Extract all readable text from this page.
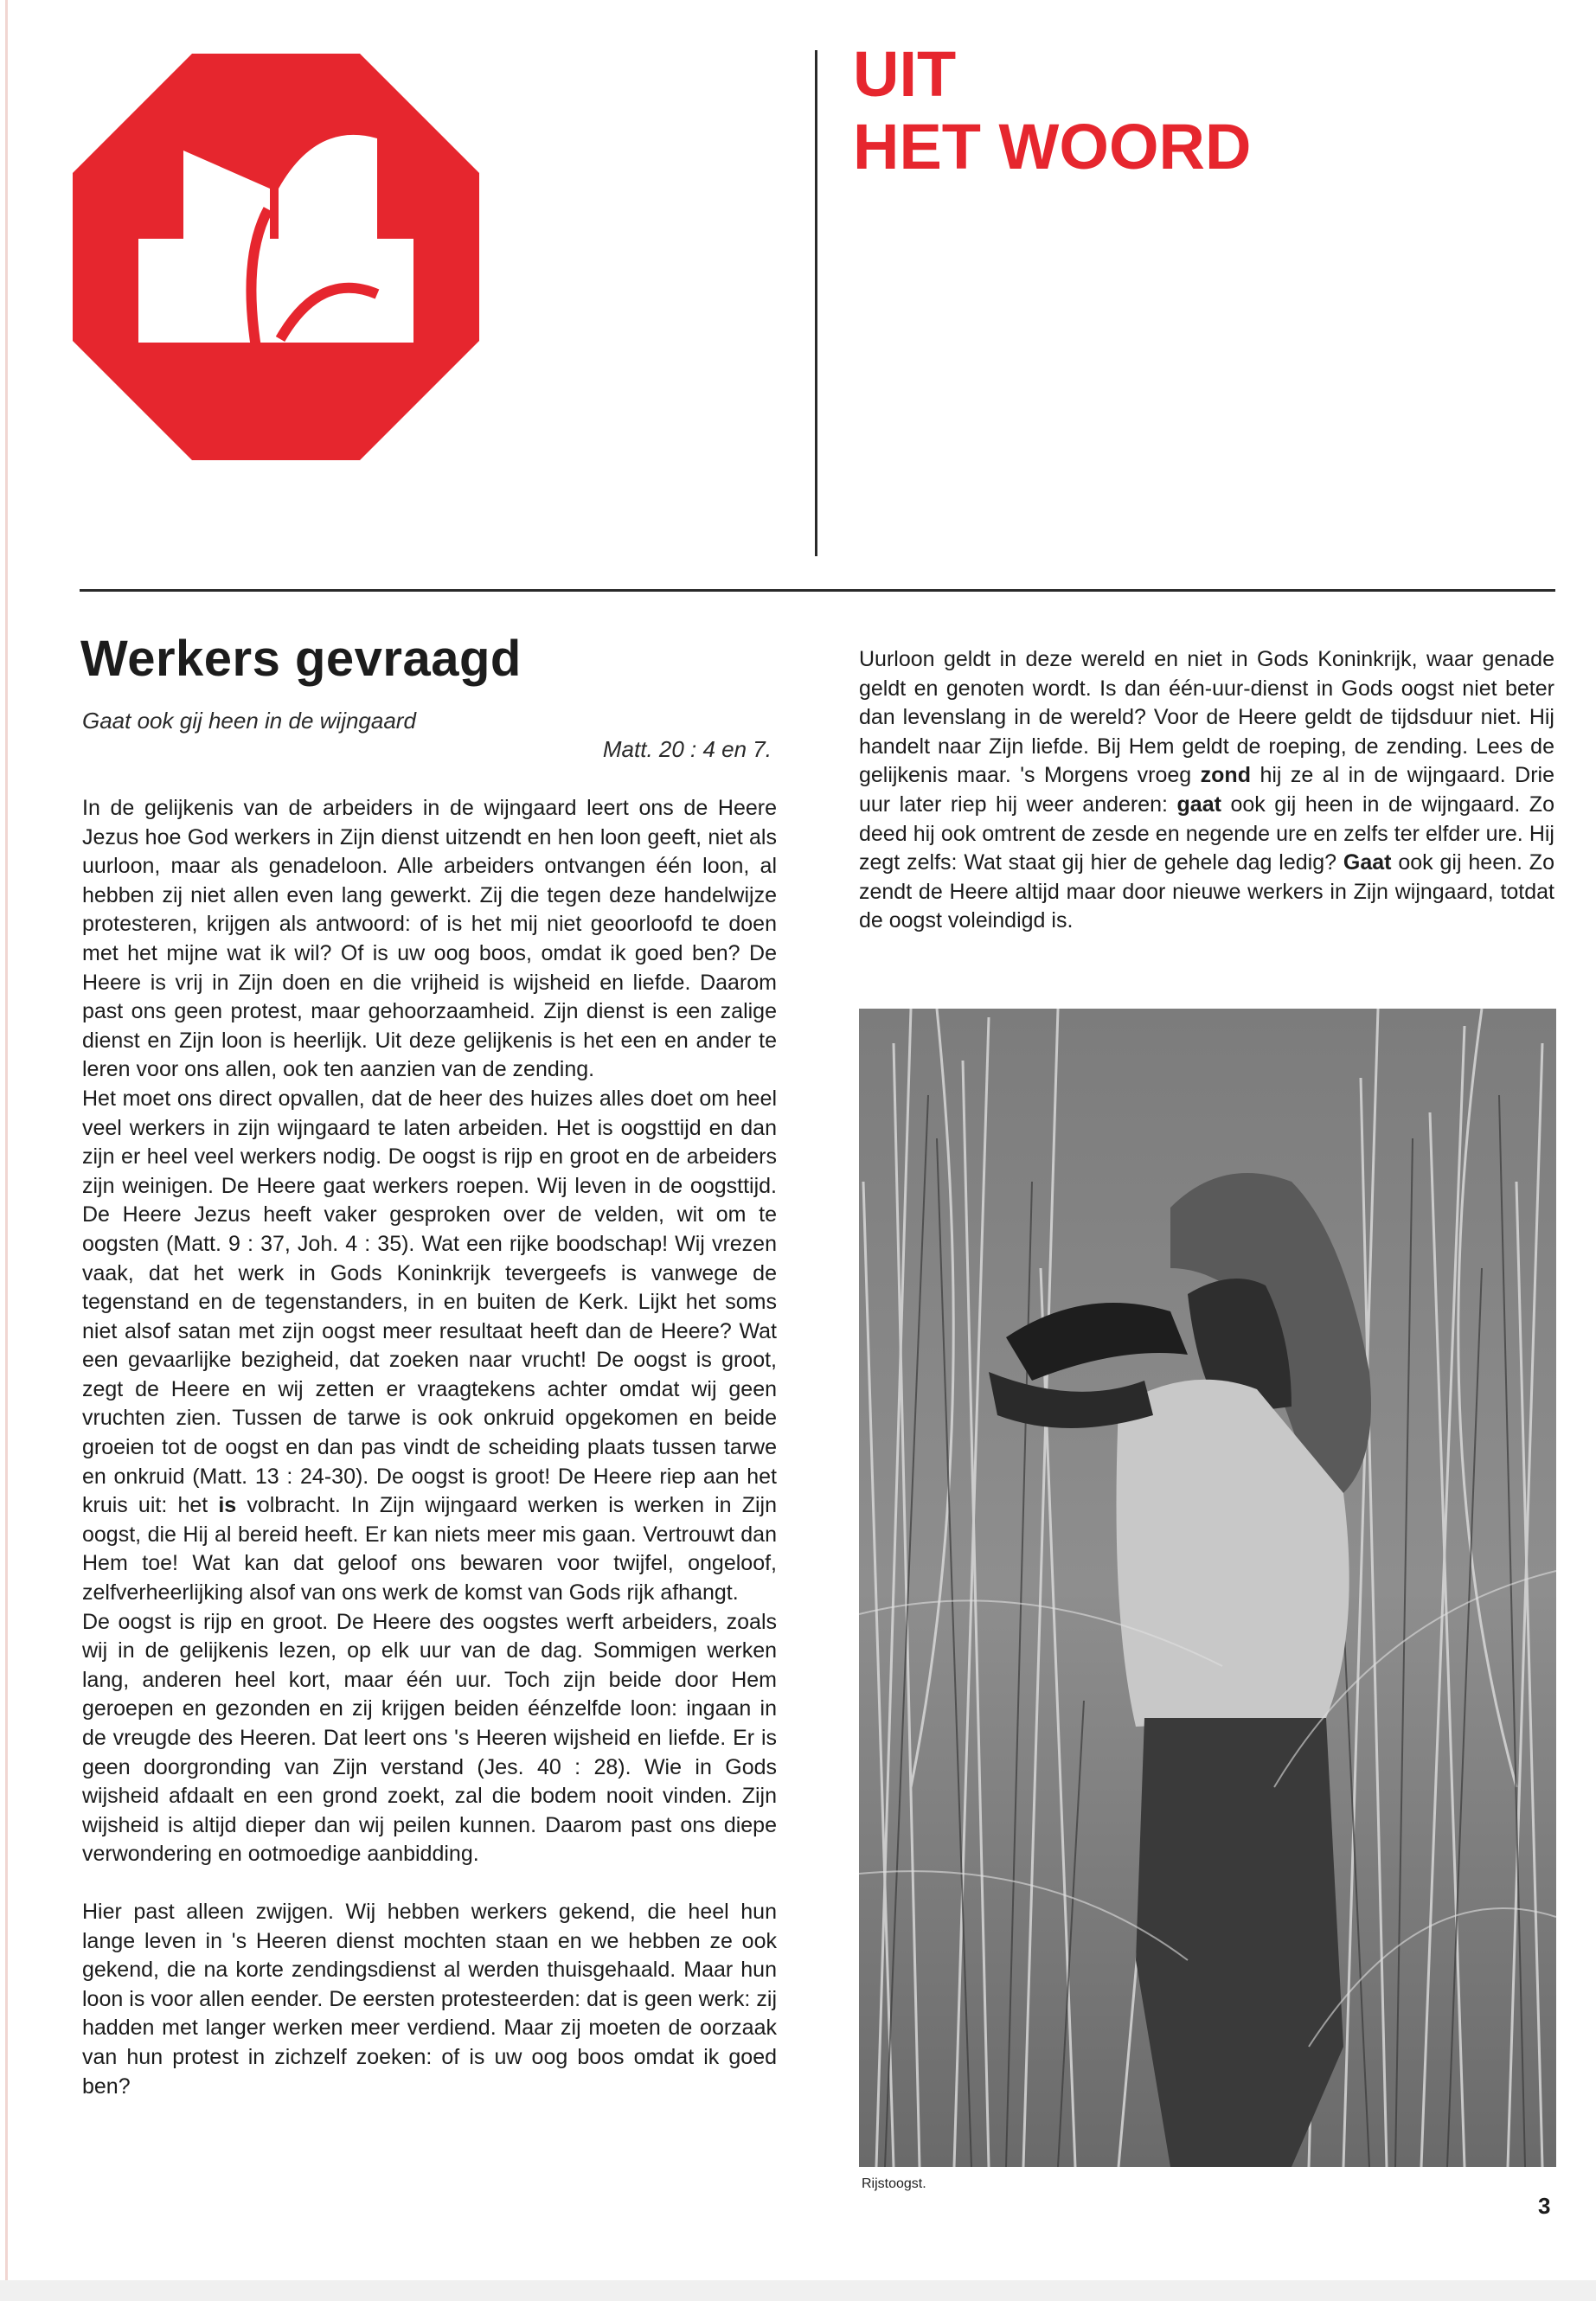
UIT
HET WOORD
Werkers gevraagd

Gaat ook gij heen in de wijngaard

Matt. 20 : 4 en 7.

In de gelijkenis van de arbeiders in de wijngaard leert ons de Heere Jezus hoe God werkers in Zijn dienst uitzendt en hen loon geeft, niet als uurloon, maar als genadeloon. Alle arbeiders ontvangen één loon, al hebben zij niet allen even lang gewerkt. Zij die tegen deze handelwijze protesteren, krijgen als antwoord: of is het mij niet geoorloofd te doen met het mijne wat ik wil? Of is uw oog boos, omdat ik goed ben? De Heere is vrij in Zijn doen en die vrijheid is wijsheid en liefde. Daarom past ons geen protest, maar gehoorzaamheid. Zijn dienst is een zalige dienst en Zijn loon is heerlijk. Uit deze gelijkenis is het een en ander te leren voor ons allen, ook ten aanzien van de zending.

Het moet ons direct opvallen, dat de heer des huizes alles doet om heel veel werkers in zijn wijngaard te laten arbeiden. Het is oogsttijd en dan zijn er heel veel werkers nodig. De oogst is rijp en groot en de arbeiders zijn weinigen. De Heere gaat werkers roepen. Wij leven in de oogsttijd. De Heere Jezus heeft vaker gesproken over de velden, wit om te oogsten (Matt. 9 : 37, Joh. 4 : 35). Wat een rijke boodschap! Wij vrezen vaak, dat het werk in Gods Koninkrijk tevergeefs is vanwege de tegenstand en de tegenstanders, in en buiten de Kerk. Lijkt het soms niet alsof satan met zijn oogst meer resultaat heeft dan de Heere? Wat een gevaarlijke bezigheid, dat zoeken naar vrucht! De oogst is groot, zegt de Heere en wij zetten er vraagtekens achter omdat wij geen vruchten zien. Tussen de tarwe is ook onkruid opgekomen en beide groeien tot de oogst en dan pas vindt de scheiding plaats tussen tarwe en onkruid (Matt. 13 : 24-30). De oogst is groot! De Heere riep aan het kruis uit: het is volbracht. In Zijn wijngaard werken is werken in Zijn oogst, die Hij al bereid heeft. Er kan niets meer mis gaan. Vertrouwt dan Hem toe! Wat kan dat geloof ons bewaren voor twijfel, ongeloof, zelfverheerlijking alsof van ons werk de komst van Gods rijk afhangt.

De oogst is rijp en groot. De Heere des oogstes werft arbeiders, zoals wij in de gelijkenis lezen, op elk uur van de dag. Sommigen werken lang, anderen heel kort, maar één uur. Toch zijn beide door Hem geroepen en gezonden en zij krijgen beiden éénzelfde loon: ingaan in de vreugde des Heeren. Dat leert ons 's Heeren wijsheid en liefde. Er is geen doorgronding van Zijn verstand (Jes. 40 : 28). Wie in Gods wijsheid afdaalt en een grond zoekt, zal die bodem nooit vinden. Zijn wijsheid is altijd dieper dan wij peilen kunnen. Daarom past ons diepe verwondering en ootmoedige aanbidding.

Hier past alleen zwijgen. Wij hebben werkers gekend, die heel hun lange leven in 's Heeren dienst mochten staan en we hebben ze ook gekend, die na korte zendingsdienst al werden thuisgehaald. Maar hun loon is voor allen eender. De eersten protesteerden: dat is geen werk: zij hadden met langer werken meer verdiend. Maar zij moeten de oorzaak van hun protest in zichzelf zoeken: of is uw oog boos omdat ik goed ben?

Uurloon geldt in deze wereld en niet in Gods Koninkrijk, waar genade geldt en genoten wordt. Is dan één-uur-dienst in Gods oogst niet beter dan levenslang in de wereld? Voor de Heere geldt de tijdsduur niet. Hij handelt naar Zijn liefde. Bij Hem geldt de roeping, de zending. Lees de gelijkenis maar. 's Morgens vroeg zond hij ze al in de wijngaard. Drie uur later riep hij weer anderen: gaat ook gij heen in de wijngaard. Zo deed hij ook omtrent de zesde en negende ure en zelfs ter elfder ure. Hij zegt zelfs: Wat staat gij hier de gehele dag ledig? Gaat ook gij heen. Zo zendt de Heere altijd maar door nieuwe werkers in Zijn wijngaard, totdat de oogst voleindigd is.

Rijstoogst.
3
